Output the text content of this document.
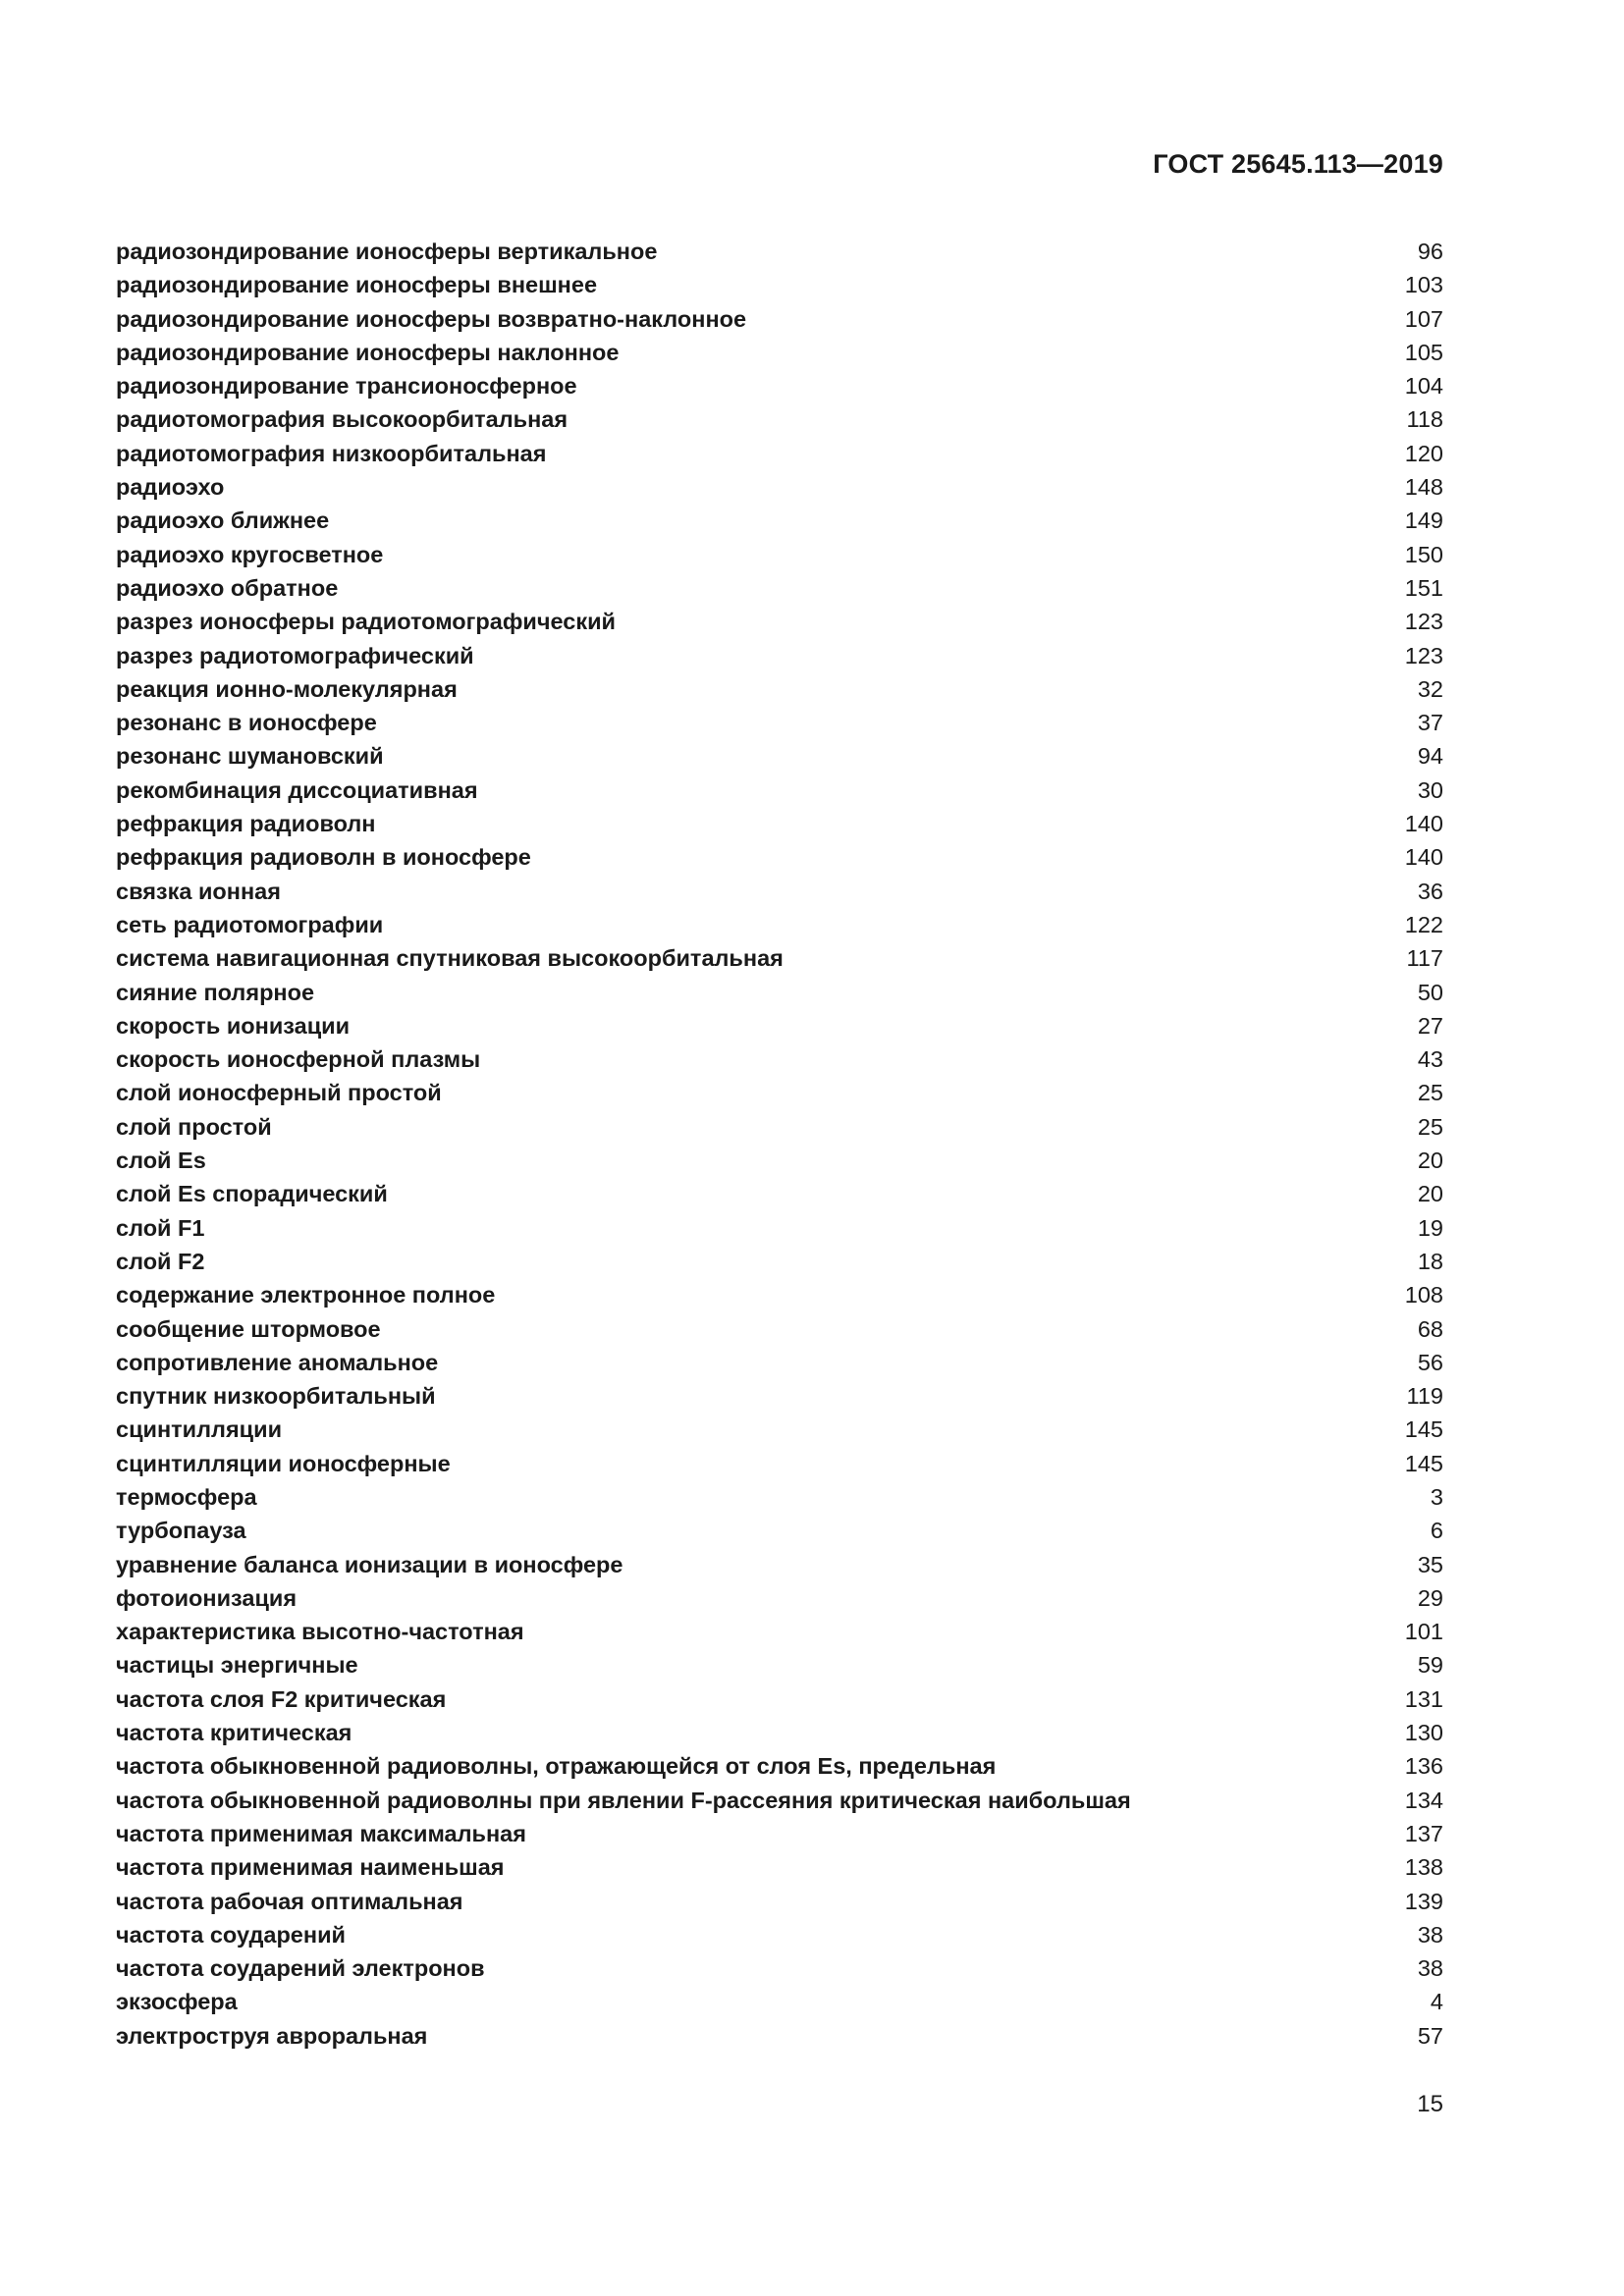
ГОСТ 25645.113—2019
радиозондирование ионосферы вертикальное	96
радиозондирование ионосферы внешнее	103
радиозондирование ионосферы возвратно-наклонное	107
радиозондирование ионосферы наклонное	105
радиозондирование трансионосферное	104
радиотомография высокоорбитальная	118
радиотомография низкоорбитальная	120
радиоэхо	148
радиоэхо ближнее	149
радиоэхо кругосветное	150
радиоэхо обратное	151
разрез ионосферы радиотомографический	123
разрез радиотомографический	123
реакция ионно-молекулярная	32
резонанс в ионосфере	37
резонанс шумановский	94
рекомбинация диссоциативная	30
рефракция радиоволн	140
рефракция радиоволн в ионосфере	140
связка ионная	36
сеть радиотомографии	122
система навигационная спутниковая высокоорбитальная	117
сияние полярное	50
скорость ионизации	27
скорость ионосферной плазмы	43
слой ионосферный простой	25
слой простой	25
слой Es	20
слой Es спорадический	20
слой F1	19
слой F2	18
содержание электронное полное	108
сообщение штормовое	68
сопротивление аномальное	56
спутник низкоорбитальный	119
сцинтилляции	145
сцинтилляции ионосферные	145
термосфера	3
турбопауза	6
уравнение баланса ионизации в ионосфере	35
фотоионизация	29
характеристика высотно-частотная	101
частицы энергичные	59
частота слоя F2 критическая	131
частота критическая	130
частота обыкновенной радиоволны, отражающейся от слоя Es, предельная	136
частота обыкновенной радиоволны при явлении F-рассеяния критическая наибольшая	134
частота применимая максимальная	137
частота применимая наименьшая	138
частота рабочая оптимальная	139
частота соударений	38
частота соударений электронов	38
экзосфера	4
электроструя авроральная	57
15
